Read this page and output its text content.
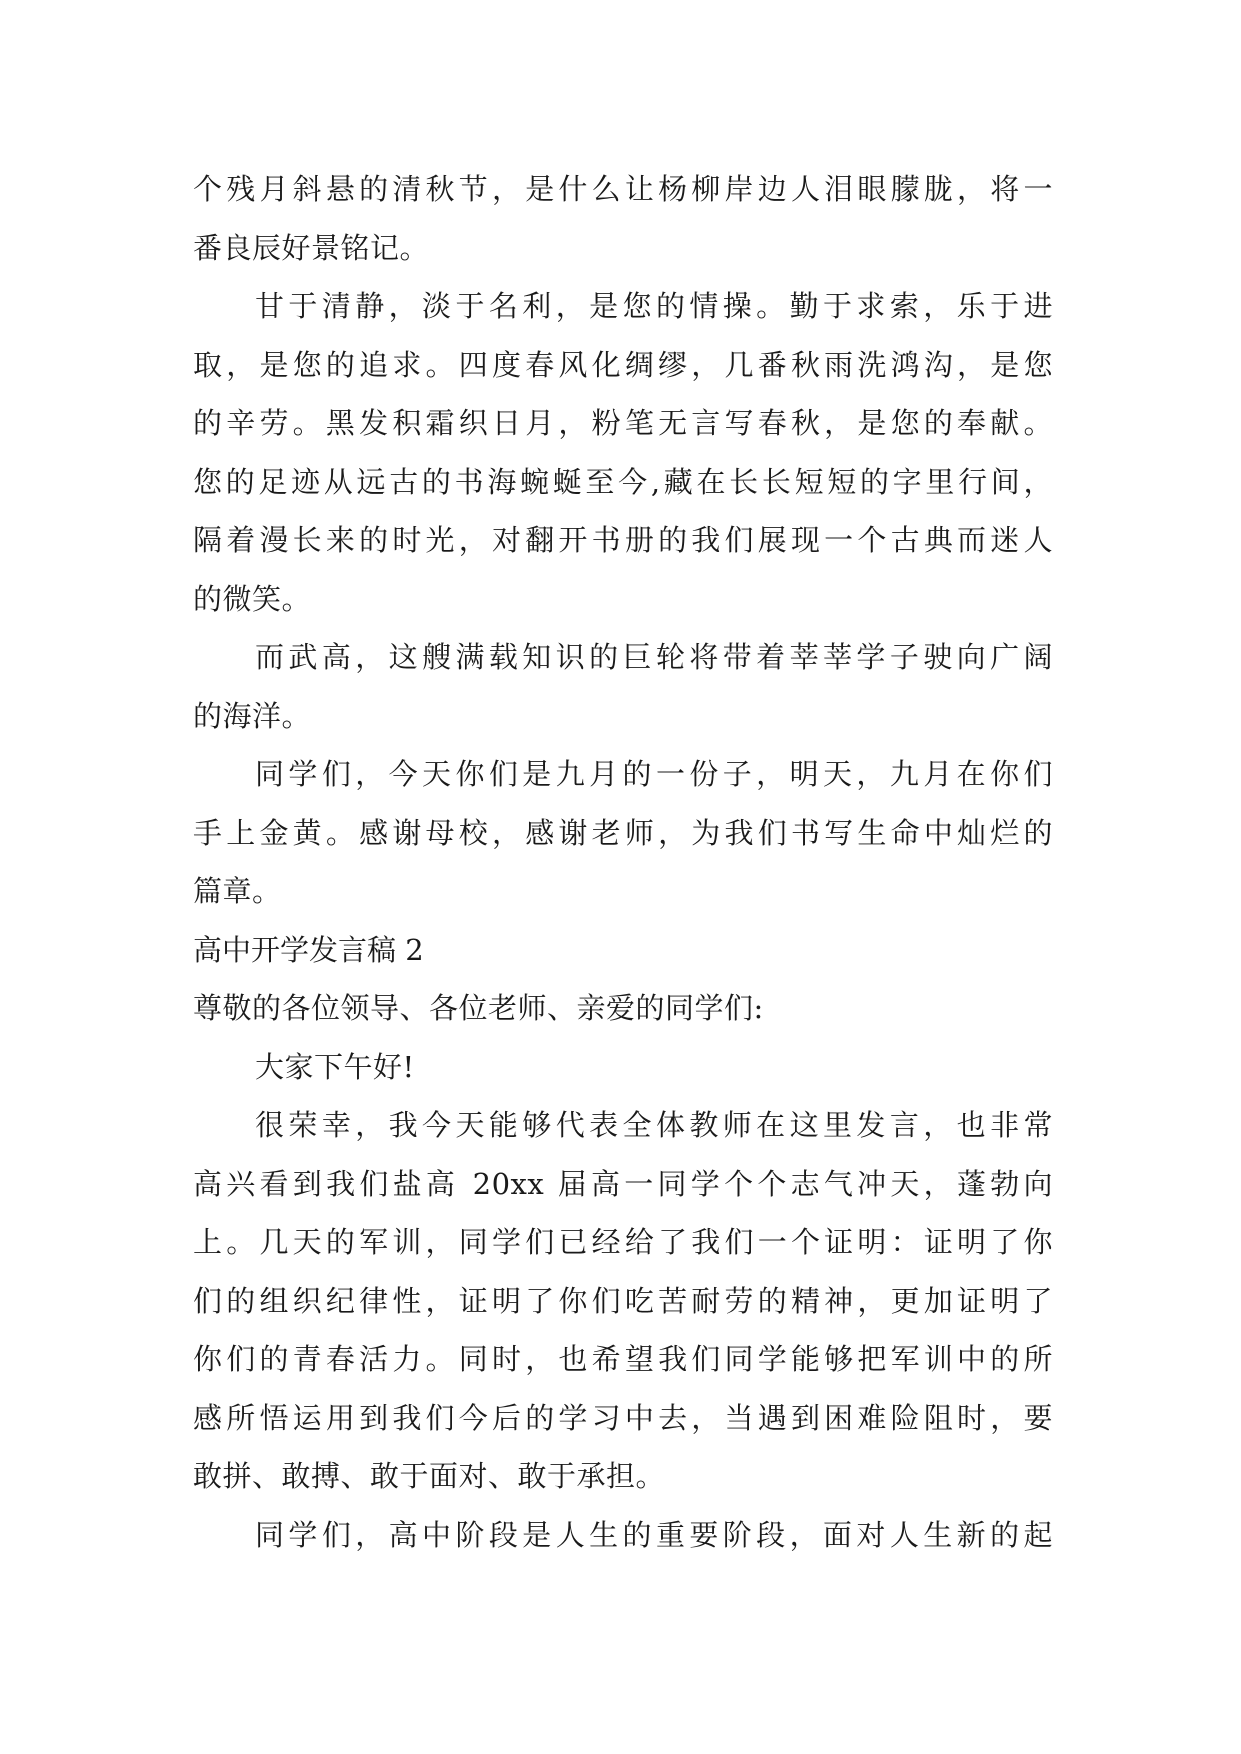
个残月斜悬的清秋节，是什么让杨柳岸边人泪眼朦胧，将一
番良辰好景铭记。
甘于清静，淡于名利，是您的情操。勤于求索，乐于进
取，是您的追求。四度春风化绸缪，几番秋雨洗鸿沟，是您
的辛劳。黑发积霜织日月，粉笔无言写春秋，是您的奉献。
您的足迹从远古的书海蜿蜒至今,藏在长长短短的字里行间，
隔着漫长来的时光，对翻开书册的我们展现一个古典而迷人
的微笑。
而武高，这艘满载知识的巨轮将带着莘莘学子驶向广阔
的海洋。
同学们，今天你们是九月的一份子，明天，九月在你们
手上金黄。感谢母校，感谢老师，为我们书写生命中灿烂的
篇章。
高中开学发言稿 2
尊敬的各位领导、各位老师、亲爱的同学们:
大家下午好!
很荣幸，我今天能够代表全体教师在这里发言，也非常
高兴看到我们盐高 20xx 届高一同学个个志气冲天，蓬勃向
上。几天的军训，同学们已经给了我们一个证明：证明了你
们的组织纪律性，证明了你们吃苦耐劳的精神，更加证明了
你们的青春活力。同时，也希望我们同学能够把军训中的所
感所悟运用到我们今后的学习中去，当遇到困难险阻时，要
敢拼、敢搏、敢于面对、敢于承担。
同学们，高中阶段是人生的重要阶段，面对人生新的起
